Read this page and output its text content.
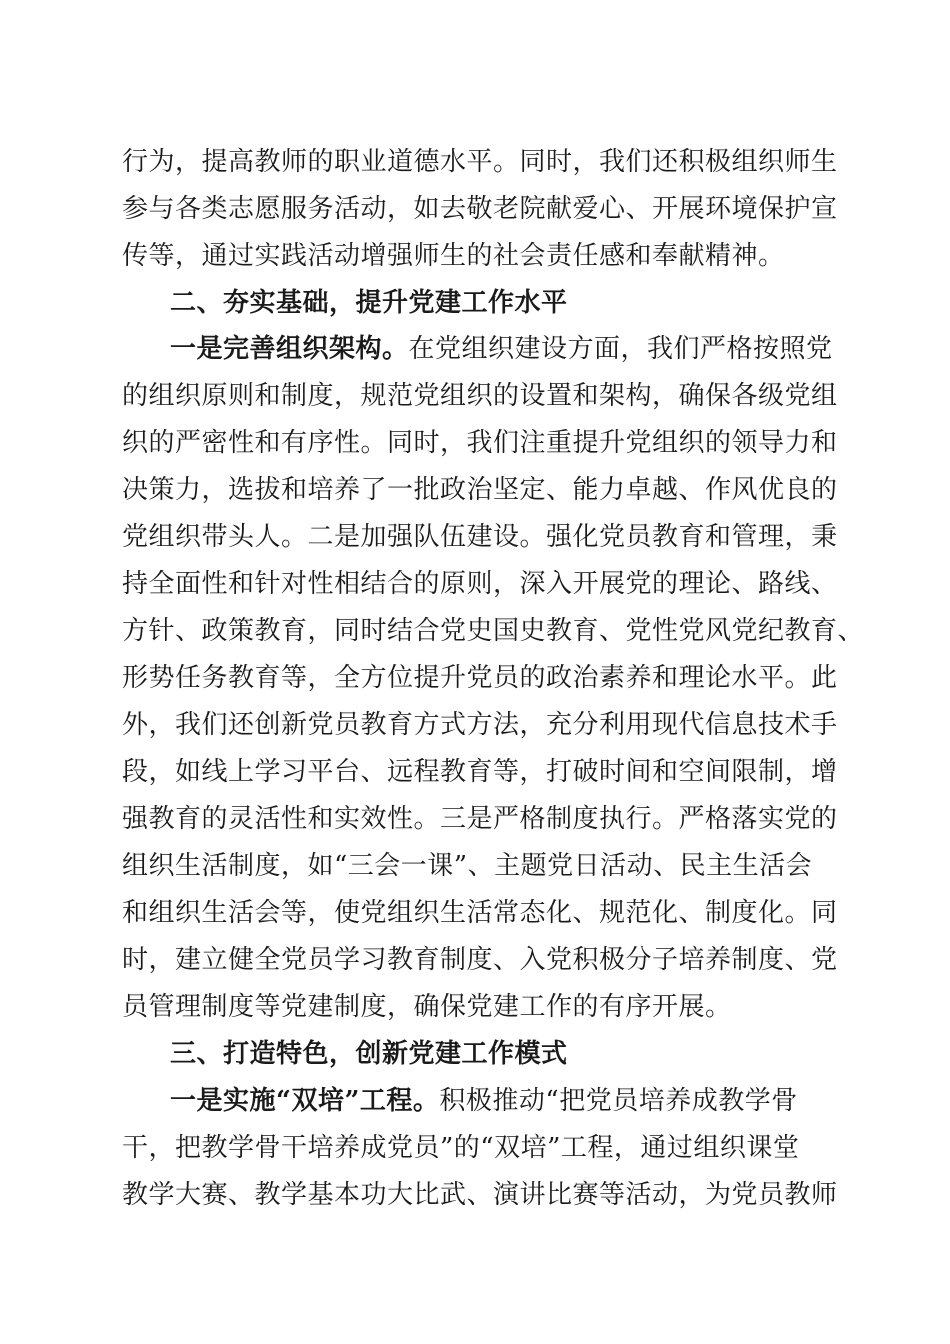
行为，提高教师的职业道德水平。同时，我们还积极组织师生
参与各类志愿服务活动，如去敬老院献爱心、开展环境保护宣
传等，通过实践活动增强师生的社会责任感和奉献精神。
二、夯实基础，提升党建工作水平
一是完善组织架构。在党组织建设方面，我们严格按照党
的组织原则和制度，规范党组织的设置和架构，确保各级党组
织的严密性和有序性。同时，我们注重提升党组织的领导力和
决策力，选拔和培养了一批政治坚定、能力卓越、作风优良的
党组织带头人。二是加强队伍建设。强化党员教育和管理，秉
持全面性和针对性相结合的原则，深入开展党的理论、路线、
方针、政策教育，同时结合党史国史教育、党性党风党纪教育、
形势任务教育等，全方位提升党员的政治素养和理论水平。此
外，我们还创新党员教育方式方法，充分利用现代信息技术手
段，如线上学习平台、远程教育等，打破时间和空间限制，增
强教育的灵活性和实效性。三是严格制度执行。严格落实党的
组织生活制度，如“三会一课”、主题党日活动、民主生活会
和组织生活会等，使党组织生活常态化、规范化、制度化。同
时，建立健全党员学习教育制度、入党积极分子培养制度、党
员管理制度等党建制度，确保党建工作的有序开展。
三、打造特色，创新党建工作模式
一是实施“双培”工程。积极推动“把党员培养成教学骨
干，把教学骨干培养成党员”的“双培”工程，通过组织课堂
教学大赛、教学基本功大比武、演讲比赛等活动，为党员教师
